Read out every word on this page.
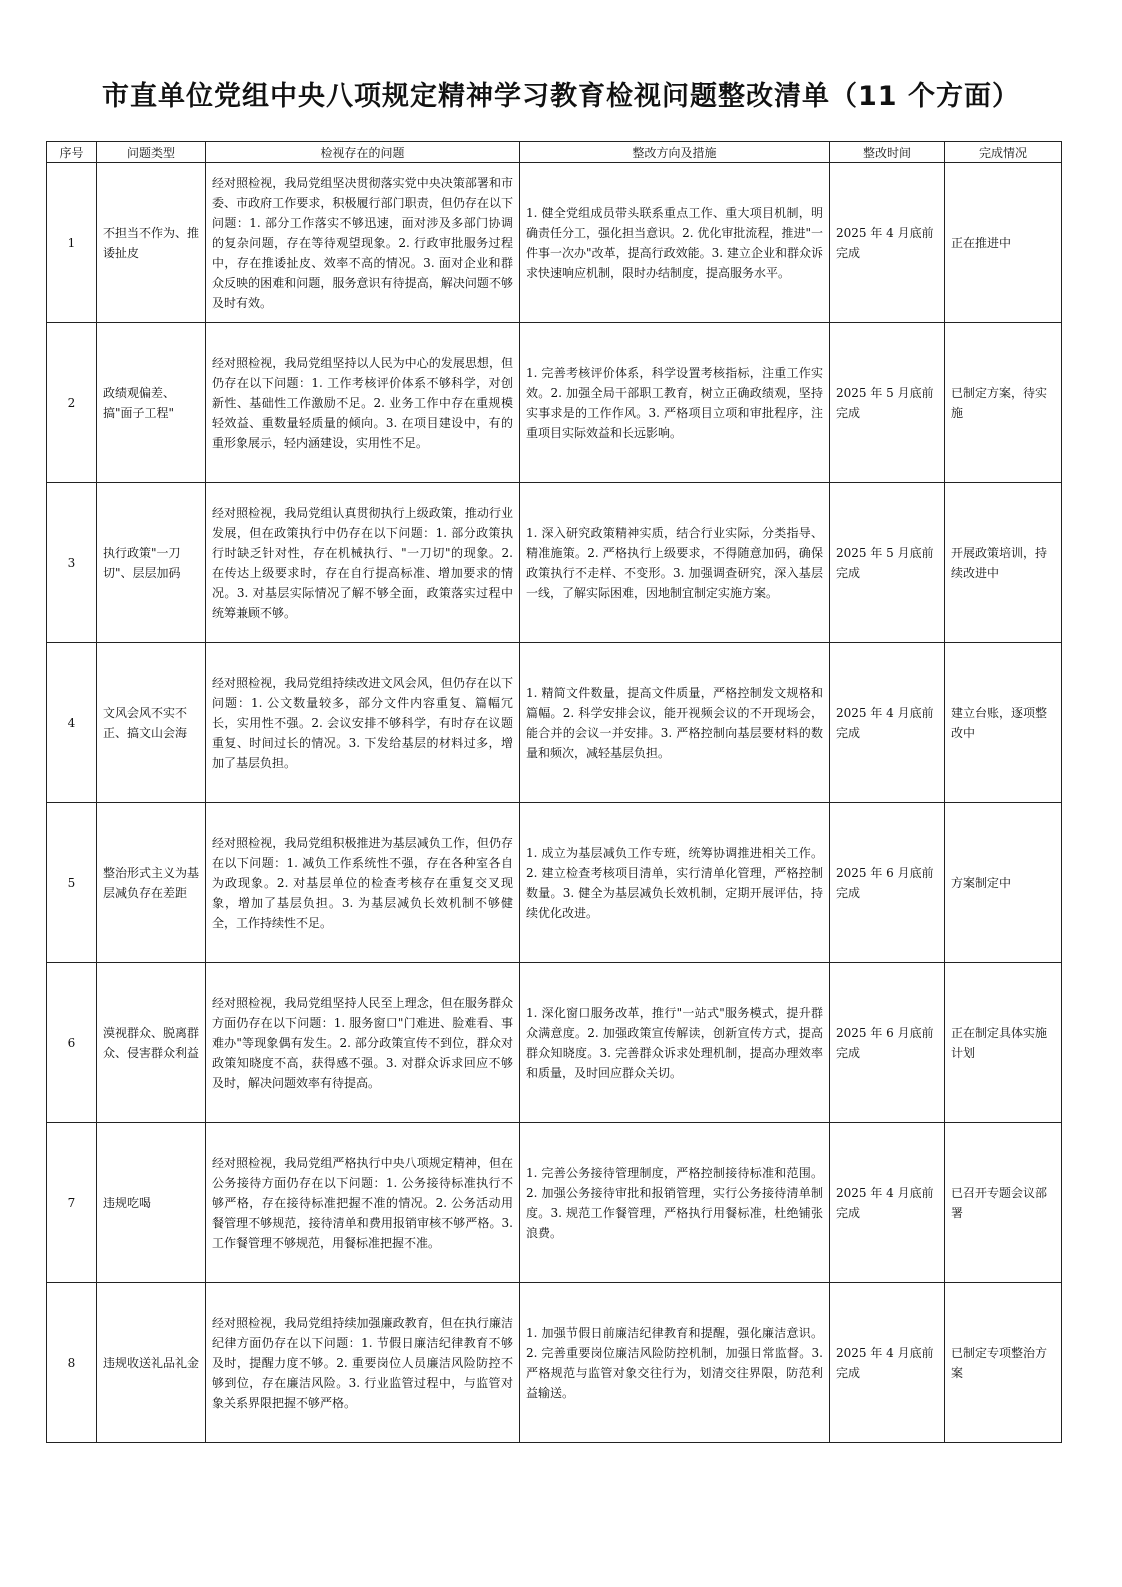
市直单位党组中央八项规定精神学习教育检视问题整改清单（11 个方面）
序号	问题类型	检视存在的问题	整改方向及措施	整改时间	完成情况
1	不担当不作为、推诿扯皮	经对照检视，我局党组坚决贯彻落实党中央决策部署和市委、市政府工作要求，积极履行部门职责，但仍存在以下问题：1. 部分工作落实不够迅速，面对涉及多部门协调的复杂问题，存在等待观望现象。2. 行政审批服务过程中，存在推诿扯皮、效率不高的情况。3. 面对企业和群众反映的困难和问题，服务意识有待提高，解决问题不够及时有效。	1. 健全党组成员带头联系重点工作、重大项目机制，明确责任分工，强化担当意识。2. 优化审批流程，推进"一件事一次办"改革，提高行政效能。3. 建立企业和群众诉求快速响应机制，限时办结制度，提高服务水平。	2025 年 4 月底前完成	正在推进中
2	政绩观偏差、搞"面子工程"	经对照检视，我局党组坚持以人民为中心的发展思想，但仍存在以下问题：1. 工作考核评价体系不够科学，对创新性、基础性工作激励不足。2. 业务工作中存在重规模轻效益、重数量轻质量的倾向。3. 在项目建设中，有的重形象展示，轻内涵建设，实用性不足。	1. 完善考核评价体系，科学设置考核指标，注重工作实效。2. 加强全局干部职工教育，树立正确政绩观，坚持实事求是的工作作风。3. 严格项目立项和审批程序，注重项目实际效益和长远影响。	2025 年 5 月底前完成	已制定方案，待实施
3	执行政策"一刀切"、层层加码	经对照检视，我局党组认真贯彻执行上级政策，推动行业发展，但在政策执行中仍存在以下问题：1. 部分政策执行时缺乏针对性，存在机械执行、"一刀切"的现象。2. 在传达上级要求时，存在自行提高标准、增加要求的情况。3. 对基层实际情况了解不够全面，政策落实过程中统筹兼顾不够。	1. 深入研究政策精神实质，结合行业实际，分类指导、精准施策。2. 严格执行上级要求，不得随意加码，确保政策执行不走样、不变形。3. 加强调查研究，深入基层一线，了解实际困难，因地制宜制定实施方案。	2025 年 5 月底前完成	开展政策培训，持续改进中
4	文风会风不实不正、搞文山会海	经对照检视，我局党组持续改进文风会风，但仍存在以下问题：1. 公文数量较多，部分文件内容重复、篇幅冗长，实用性不强。2. 会议安排不够科学，有时存在议题重复、时间过长的情况。3. 下发给基层的材料过多，增加了基层负担。	1. 精简文件数量，提高文件质量，严格控制发文规格和篇幅。2. 科学安排会议，能开视频会议的不开现场会，能合并的会议一并安排。3. 严格控制向基层要材料的数量和频次，减轻基层负担。	2025 年 4 月底前完成	建立台账，逐项整改中
5	整治形式主义为基层减负存在差距	经对照检视，我局党组积极推进为基层减负工作，但仍存在以下问题：1. 减负工作系统性不强，存在各种室各自为政现象。2. 对基层单位的检查考核存在重复交叉现象，增加了基层负担。3. 为基层减负长效机制不够健全，工作持续性不足。	1. 成立为基层减负工作专班，统筹协调推进相关工作。2. 建立检查考核项目清单，实行清单化管理，严格控制数量。3. 健全为基层减负长效机制，定期开展评估，持续优化改进。	2025 年 6 月底前完成	方案制定中
6	漠视群众、脱离群众、侵害群众利益	经对照检视，我局党组坚持人民至上理念，但在服务群众方面仍存在以下问题：1. 服务窗口"门难进、脸难看、事难办"等现象偶有发生。2. 部分政策宣传不到位，群众对政策知晓度不高，获得感不强。3. 对群众诉求回应不够及时，解决问题效率有待提高。	1. 深化窗口服务改革，推行"一站式"服务模式，提升群众满意度。2. 加强政策宣传解读，创新宣传方式，提高群众知晓度。3. 完善群众诉求处理机制，提高办理效率和质量，及时回应群众关切。	2025 年 6 月底前完成	正在制定具体实施计划
7	违规吃喝	经对照检视，我局党组严格执行中央八项规定精神，但在公务接待方面仍存在以下问题：1. 公务接待标准执行不够严格，存在接待标准把握不准的情况。2. 公务活动用餐管理不够规范，接待清单和费用报销审核不够严格。3. 工作餐管理不够规范，用餐标准把握不准。	1. 完善公务接待管理制度，严格控制接待标准和范围。2. 加强公务接待审批和报销管理，实行公务接待清单制度。3. 规范工作餐管理，严格执行用餐标准，杜绝铺张浪费。	2025 年 4 月底前完成	已召开专题会议部署
8	违规收送礼品礼金	经对照检视，我局党组持续加强廉政教育，但在执行廉洁纪律方面仍存在以下问题：1. 节假日廉洁纪律教育不够及时，提醒力度不够。2. 重要岗位人员廉洁风险防控不够到位，存在廉洁风险。3. 行业监管过程中，与监管对象关系界限把握不够严格。	1. 加强节假日前廉洁纪律教育和提醒，强化廉洁意识。2. 完善重要岗位廉洁风险防控机制，加强日常监督。3. 严格规范与监管对象交往行为，划清交往界限，防范利益输送。	2025 年 4 月底前完成	已制定专项整治方案
